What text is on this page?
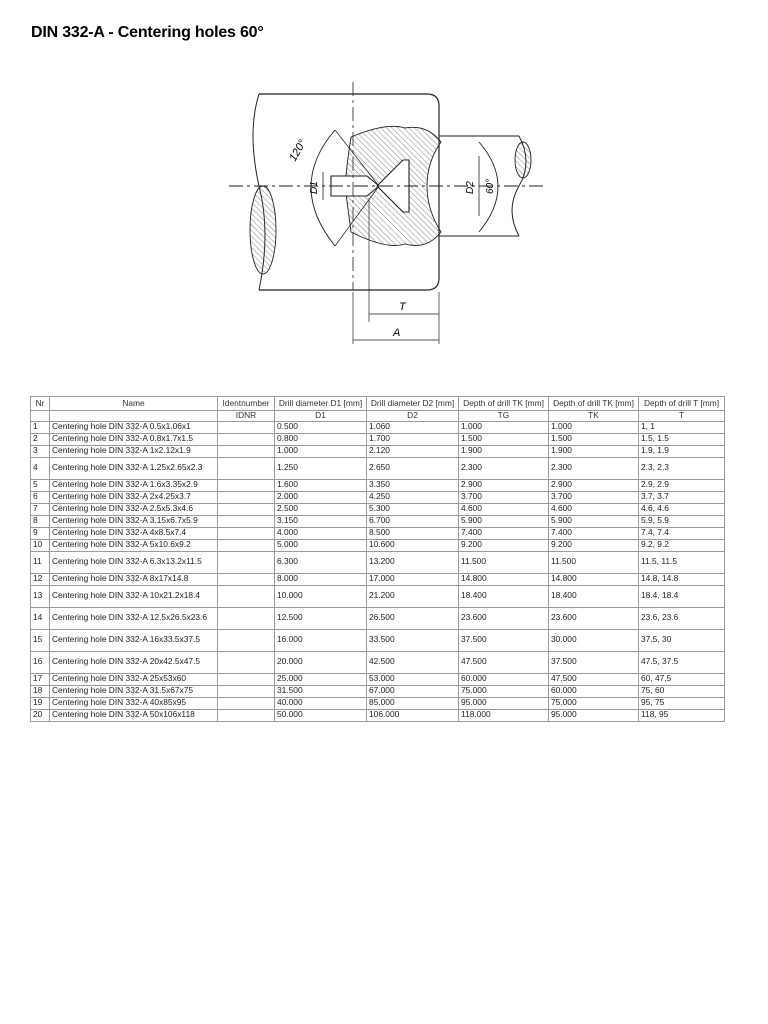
DIN 332-A - Centering holes 60°
120°
D1	D2 60°
T
A
Nr	Name	Identnumber	Drill diameter D1 [mm]	Drill diameter D2 [mm]	Depth of drill TK [mm]	Depth of drill TK [mm]	Depth of drill T [mm]
		IDNR	D1	D2	TG	TK	T
1	Centering hole DIN 332-A 0.5x1.06x1		0.500	1.060	1.000	1.000	1, 1
2	Centering hole DIN 332-A 0.8x1.7x1.5		0.800	1.700	1.500	1.500	1.5, 1.5
3	Centering hole DIN 332-A 1x2.12x1.9		1.000	2.120	1.900	1.900	1.9, 1.9
4	Centering hole DIN 332-A 1.25x2.65x2.3		1.250	2.650	2.300	2.300	2.3, 2.3
5	Centering hole DIN 332-A 1.6x3.35x2.9		1.600	3.350	2.900	2.900	2.9, 2.9
6	Centering hole DIN 332-A 2x4.25x3.7		2.000	4.250	3.700	3.700	3.7, 3.7
7	Centering hole DIN 332-A 2.5x5.3x4.6		2.500	5.300	4.600	4.600	4.6, 4.6
8	Centering hole DIN 332-A 3.15x6.7x5.9		3.150	6.700	5.900	5.900	5.9, 5.9
9	Centering hole DIN 332-A 4x8.5x7.4		4.000	8.500	7.400	7.400	7.4, 7.4
10	Centering hole DIN 332-A 5x10.6x9.2		5.000	10.600	9.200	9.200	9.2, 9.2
11	Centering hole DIN 332-A 6.3x13.2x11.5		6.300	13.200	11.500	11.500	11.5, 11.5
12	Centering hole DIN 332-A 8x17x14.8		8.000	17.000	14.800	14.800	14.8, 14.8
13	Centering hole DIN 332-A 10x21.2x18.4		10.000	21.200	18.400	18.400	18.4, 18.4
14	Centering hole DIN 332-A 12.5x26.5x23.6		12.500	26.500	23.600	23.600	23.6, 23.6
15	Centering hole DIN 332-A 16x33.5x37.5		16.000	33.500	37.500	30.000	37.5, 30
16	Centering hole DIN 332-A 20x42.5x47.5		20.000	42.500	47.500	37.500	47.5, 37.5
17	Centering hole DIN 332-A 25x53x60		25.000	53.000	60.000	47.500	60, 47.5
18	Centering hole DIN 332-A 31.5x67x75		31.500	67.000	75.000	60.000	75, 60
19	Centering hole DIN 332-A 40x85x95		40.000	85.000	95.000	75.000	95, 75
20	Centering hole DIN 332-A 50x106x118		50.000	106.000	118.000	95.000	118, 95
